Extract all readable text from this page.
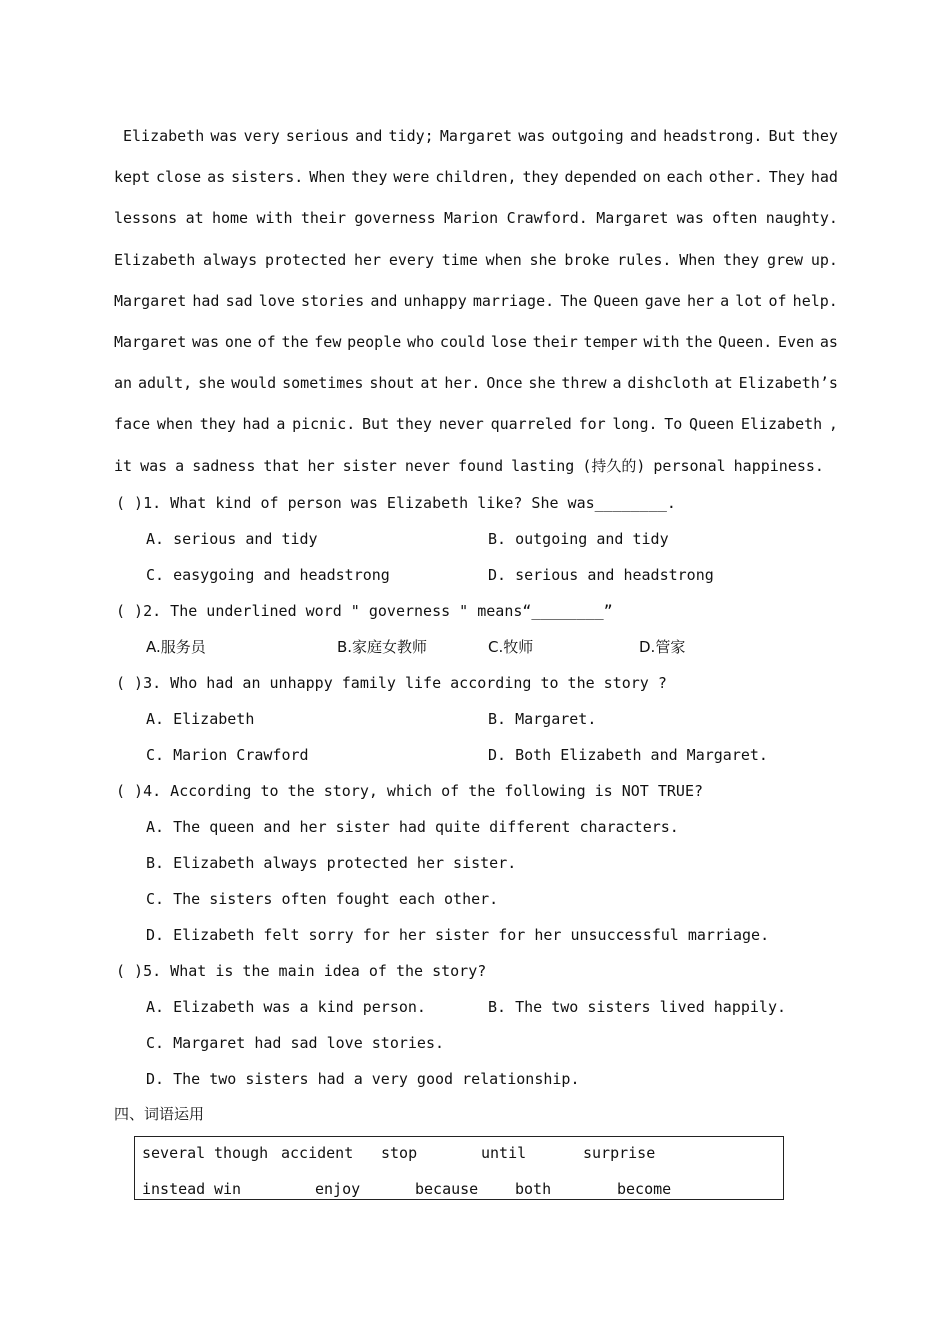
Elizabeth was very serious and tidy; Margaret was outgoing and headstrong. But they
kept close as sisters. When they were children, they depended on each other. They had
lessons at home with their governess Marion Crawford. Margaret was often naughty.
Elizabeth always protected her every time when she broke rules. When they grew up.
Margaret had sad love stories and unhappy marriage. The Queen gave her a lot of help.
Margaret was one of the few people who could lose their temper with the Queen. Even as
an adult, she would sometimes shout at her. Once she threw a dishcloth at Elizabeth’s
face when they had a picnic. But they never quarreled for long. To Queen Elizabeth ,
it was a sadness that her sister never found lasting (持久的) personal happiness.
( )1. What kind of person was Elizabeth like? She was________.
A. serious and tidy	B. outgoing and tidy
C. easygoing and headstrong	D. serious and headstrong
( )2. The underlined word " governess " means“________”
A.服务员	B.家庭女教师	C.牧师	D.管家
( )3. Who had an unhappy family life according to the story ?
A. Elizabeth	B. Margaret.
C. Marion Crawford	D. Both Elizabeth and Margaret.
( )4. According to the story, which of the following is NOT TRUE?
A. The queen and her sister had quite different characters.
B. Elizabeth always protected her sister.
C. The sisters often fought each other.
D. Elizabeth felt sorry for her sister for her unsuccessful marriage.
( )5. What is the main idea of the story?
A. Elizabeth was a kind person.	B. The two sisters lived happily.
C. Margaret had sad love stories.
D. The two sisters had a very good relationship.
四、词语运用
several though accident stop	until	surprise
instead win	enjoy	because both	become
